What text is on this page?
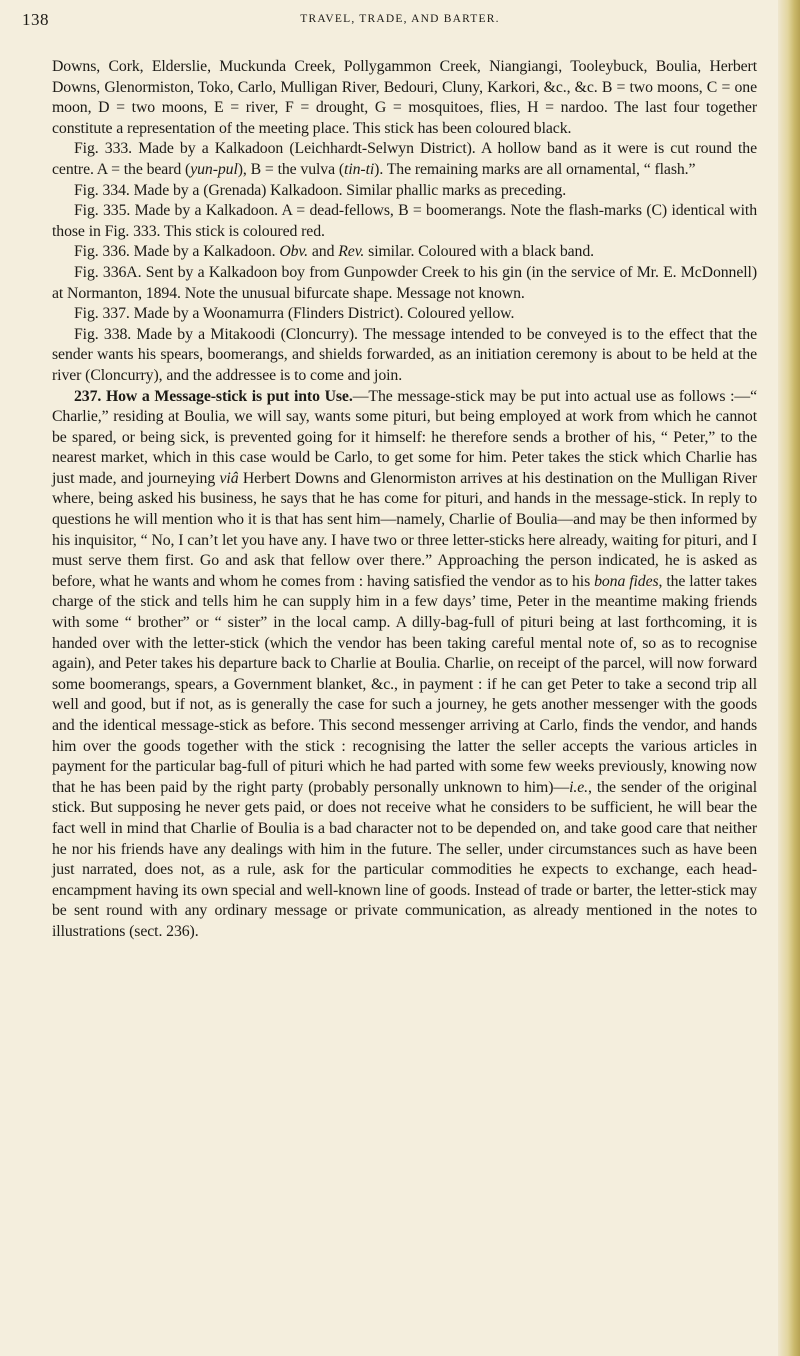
138	TRAVEL, TRADE, AND BARTER.

Downs, Cork, Elderslie, Muckunda Creek, Pollygammon Creek, Niangiangi, Tooleybuck, Boulia, Herbert Downs, Glenormiston, Toko, Carlo, Mulligan River, Bedouri, Cluny, Karkori, &c., &c. B = two moons, C = one moon, D = two moons, E = river, F = drought, G = mosquitoes, flies, H = nardoo. The last four together constitute a representation of the meeting place. This stick has been coloured black.

Fig. 333. Made by a Kalkadoon (Leichhardt-Selwyn District). A hollow band as it were is cut round the centre. A = the beard (yun-pul), B = the vulva (tin-ti). The remaining marks are all ornamental, “ flash.”

Fig. 334. Made by a (Grenada) Kalkadoon. Similar phallic marks as preceding.

Fig. 335. Made by a Kalkadoon. A = dead-fellows, B = boomerangs. Note the flash-marks (C) identical with those in Fig. 333. This stick is coloured red.

Fig. 336. Made by a Kalkadoon. Obv. and Rev. similar. Coloured with a black band.

Fig. 336A. Sent by a Kalkadoon boy from Gunpowder Creek to his gin (in the service of Mr. E. McDonnell) at Normanton, 1894. Note the unusual bifurcate shape. Message not known.

Fig. 337. Made by a Woonamurra (Flinders District). Coloured yellow.

Fig. 338. Made by a Mitakoodi (Cloncurry). The message intended to be conveyed is to the effect that the sender wants his spears, boomerangs, and shields forwarded, as an initiation ceremony is about to be held at the river (Cloncurry), and the addressee is to come and join.

237. How a Message-stick is put into Use.—The message-stick may be put into actual use as follows :—“ Charlie,” residing at Boulia, we will say, wants some pituri, but being employed at work from which he cannot be spared, or being sick, is prevented going for it himself: he therefore sends a brother of his, “ Peter,” to the nearest market, which in this case would be Carlo, to get some for him. Peter takes the stick which Charlie has just made, and journeying viâ Herbert Downs and Glenormiston arrives at his destination on the Mulligan River where, being asked his business, he says that he has come for pituri, and hands in the message-stick. In reply to questions he will mention who it is that has sent him—namely, Charlie of Boulia—and may be then informed by his inquisitor, “ No, I can’t let you have any. I have two or three letter-sticks here already, waiting for pituri, and I must serve them first. Go and ask that fellow over there.” Approaching the person indicated, he is asked as before, what he wants and whom he comes from : having satisfied the vendor as to his bona fides, the latter takes charge of the stick and tells him he can supply him in a few days’ time, Peter in the meantime making friends with some “ brother” or “ sister” in the local camp. A dilly-bag-full of pituri being at last forthcoming, it is handed over with the letter-stick (which the vendor has been taking careful mental note of, so as to recognise again), and Peter takes his departure back to Charlie at Boulia. Charlie, on receipt of the parcel, will now forward some boomerangs, spears, a Government blanket, &c., in payment : if he can get Peter to take a second trip all well and good, but if not, as is generally the case for such a journey, he gets another messenger with the goods and the identical message-stick as before. This second messenger arriving at Carlo, finds the vendor, and hands him over the goods together with the stick : recognising the latter the seller accepts the various articles in payment for the particular bag-full of pituri which he had parted with some few weeks previously, knowing now that he has been paid by the right party (probably personally unknown to him)—i.e., the sender of the original stick. But supposing he never gets paid, or does not receive what he considers to be sufficient, he will bear the fact well in mind that Charlie of Boulia is a bad character not to be depended on, and take good care that neither he nor his friends have any dealings with him in the future. The seller, under circumstances such as have been just narrated, does not, as a rule, ask for the particular commodities he expects to exchange, each head-encampment having its own special and well-known line of goods. Instead of trade or barter, the letter-stick may be sent round with any ordinary message or private communication, as already mentioned in the notes to illustrations (sect. 236).
